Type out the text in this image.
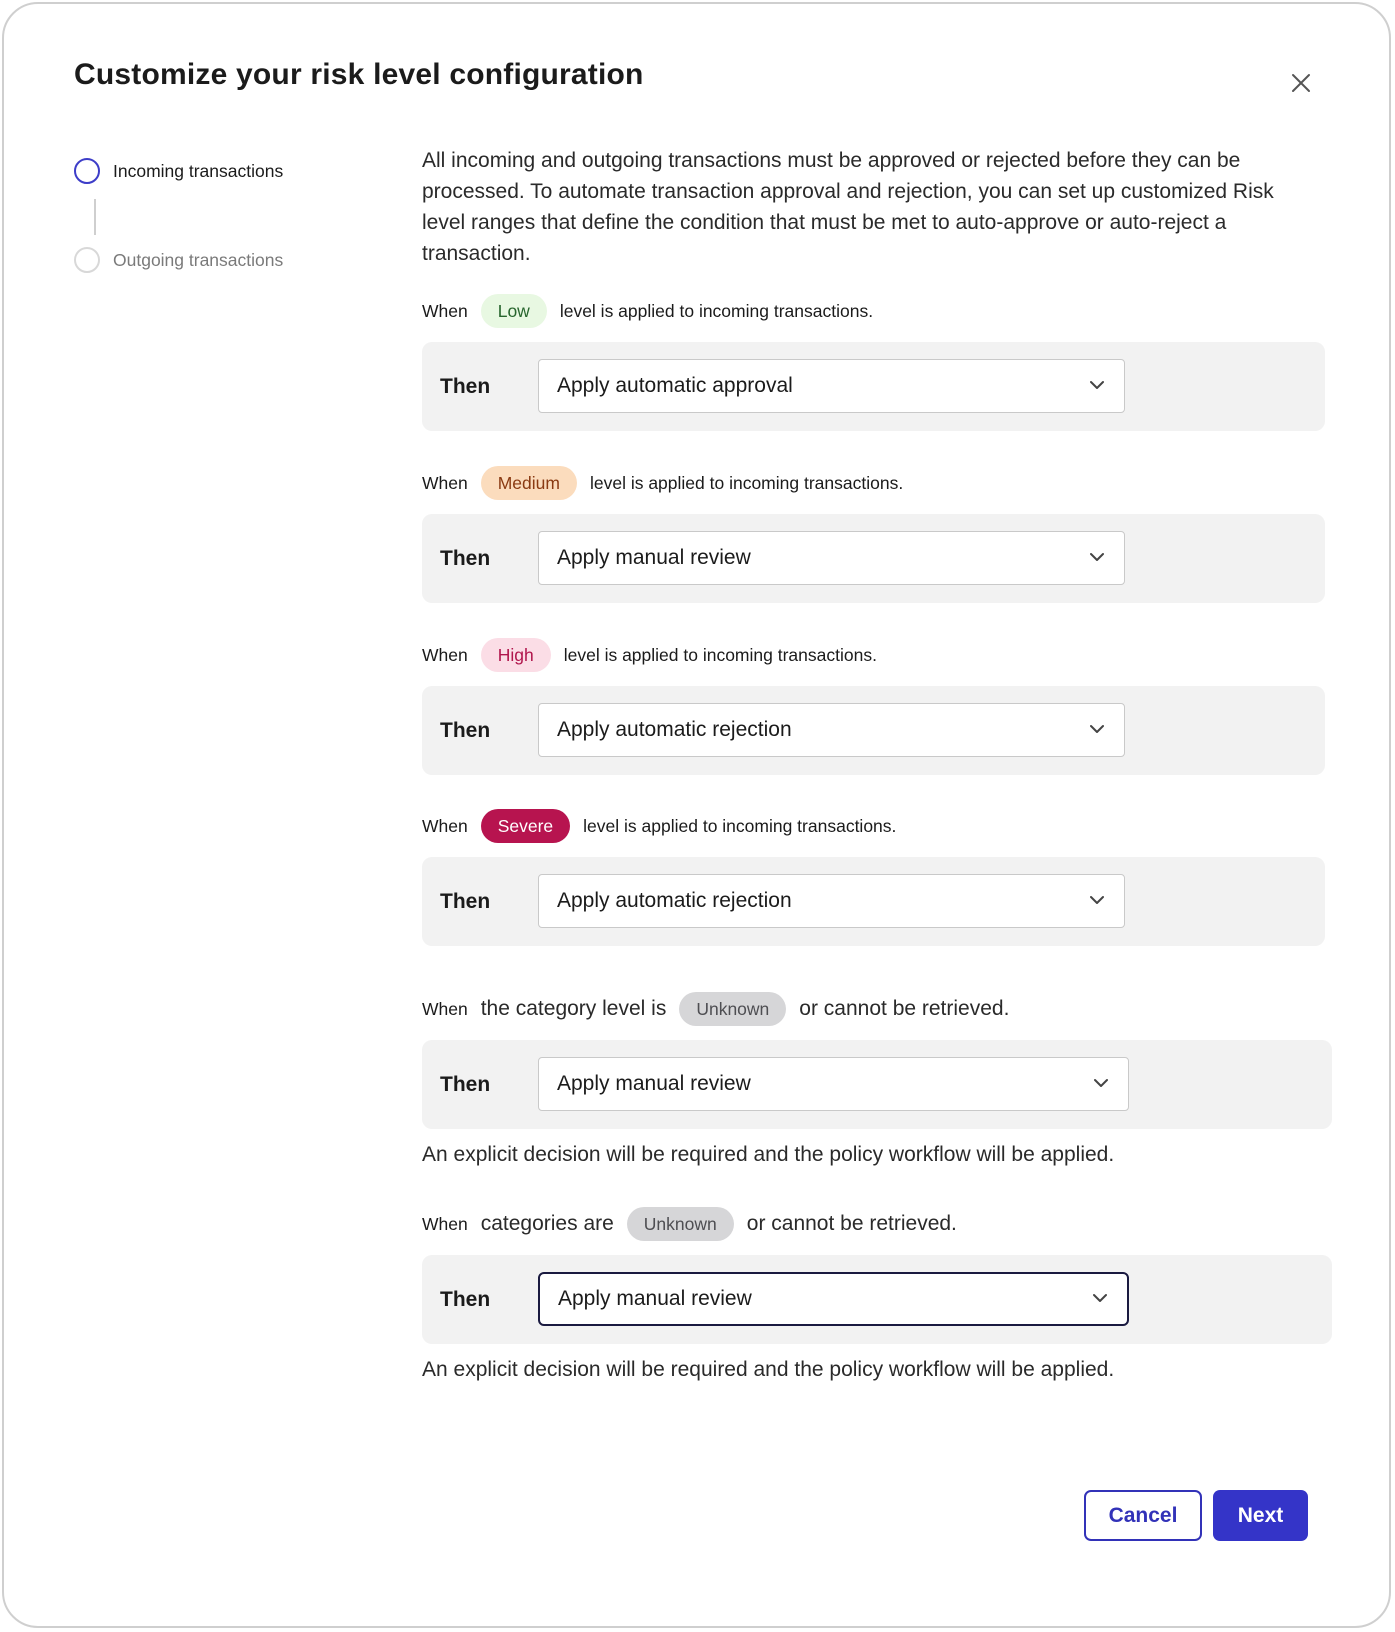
Customize your risk level configuration
Incoming transactions
Outgoing transactions
All incoming and outgoing transactions must be approved or rejected before they can be processed. To automate transaction approval and rejection, you can set up customized Risk level ranges that define the condition that must be met to auto-approve or auto-reject a transaction.
When	Low	level is applied to incoming transactions.
Then	Apply automatic approval
When	Medium	level is applied to incoming transactions.
Then	Apply manual review
When	High	level is applied to incoming transactions.
Then	Apply automatic rejection
When	Severe	level is applied to incoming transactions.
Then	Apply automatic rejection
When the category level is	Unknown	or cannot be retrieved.
Then	Apply manual review
An explicit decision will be required and the policy workflow will be applied.
When categories are	Unknown	or cannot be retrieved.
Then	Apply manual review
An explicit decision will be required and the policy workflow will be applied.
Cancel	Next
